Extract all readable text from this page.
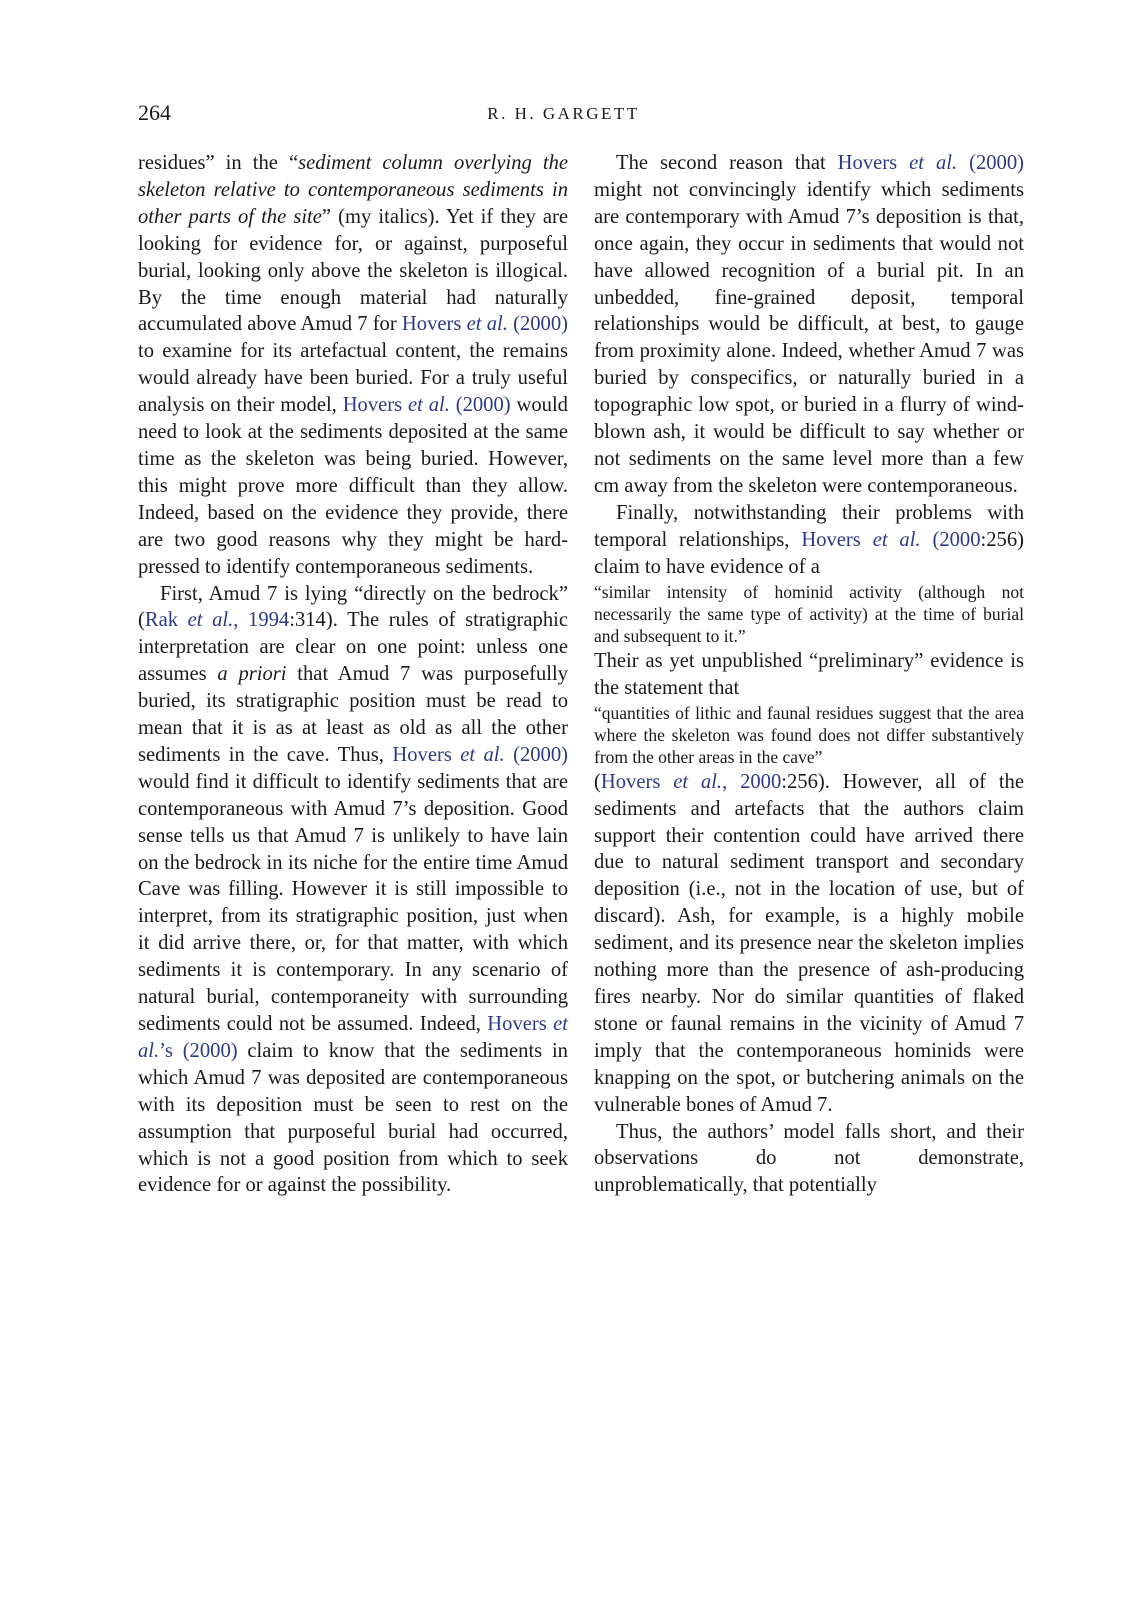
264	R. H. GARGETT

residues” in the “sediment column overlying the skeleton relative to contemporaneous sediments in other parts of the site” (my italics). Yet if they are looking for evidence for, or against, purposeful burial, looking only above the skeleton is illogical. By the time enough material had naturally accumulated above Amud 7 for Hovers et al. (2000) to examine for its artefactual content, the remains would already have been buried. For a truly useful analysis on their model, Hovers et al. (2000) would need to look at the sediments deposited at the same time as the skeleton was being buried. However, this might prove more difficult than they allow. Indeed, based on the evidence they provide, there are two good reasons why they might be hard-pressed to identify contemporaneous sediments.

First, Amud 7 is lying “directly on the bedrock” (Rak et al., 1994:314). The rules of stratigraphic interpretation are clear on one point: unless one assumes a priori that Amud 7 was purposefully buried, its stratigraphic position must be read to mean that it is as at least as old as all the other sediments in the cave. Thus, Hovers et al. (2000) would find it difficult to identify sediments that are contemporaneous with Amud 7’s deposition. Good sense tells us that Amud 7 is unlikely to have lain on the bedrock in its niche for the entire time Amud Cave was filling. However it is still impossible to interpret, from its stratigraphic position, just when it did arrive there, or, for that matter, with which sediments it is contemporary. In any scenario of natural burial, contemporaneity with surrounding sediments could not be assumed. Indeed, Hovers et al.’s (2000) claim to know that the sediments in which Amud 7 was deposited are contemporaneous with its deposition must be seen to rest on the assumption that purposeful burial had occurred, which is not a good position from which to seek evidence for or against the possibility.

The second reason that Hovers et al. (2000) might not convincingly identify which sediments are contemporary with Amud 7’s deposition is that, once again, they occur in sediments that would not have allowed recognition of a burial pit. In an unbedded, fine-grained deposit, temporal relationships would be difficult, at best, to gauge from proximity alone. Indeed, whether Amud 7 was buried by conspecifics, or naturally buried in a topographic low spot, or buried in a flurry of wind-blown ash, it would be difficult to say whether or not sediments on the same level more than a few cm away from the skeleton were contemporaneous.

Finally, notwithstanding their problems with temporal relationships, Hovers et al. (2000:256) claim to have evidence of a

“similar intensity of hominid activity (although not necessarily the same type of activity) at the time of burial and subsequent to it.”

Their as yet unpublished “preliminary” evidence is the statement that

“quantities of lithic and faunal residues suggest that the area where the skeleton was found does not differ substantively from the other areas in the cave”

(Hovers et al., 2000:256). However, all of the sediments and artefacts that the authors claim support their contention could have arrived there due to natural sediment transport and secondary deposition (i.e., not in the location of use, but of discard). Ash, for example, is a highly mobile sediment, and its presence near the skeleton implies nothing more than the presence of ash-producing fires nearby. Nor do similar quantities of flaked stone or faunal remains in the vicinity of Amud 7 imply that the contemporaneous hominids were knapping on the spot, or butchering animals on the vulnerable bones of Amud 7.

Thus, the authors’ model falls short, and their observations do not demonstrate, unproblematically, that potentially
